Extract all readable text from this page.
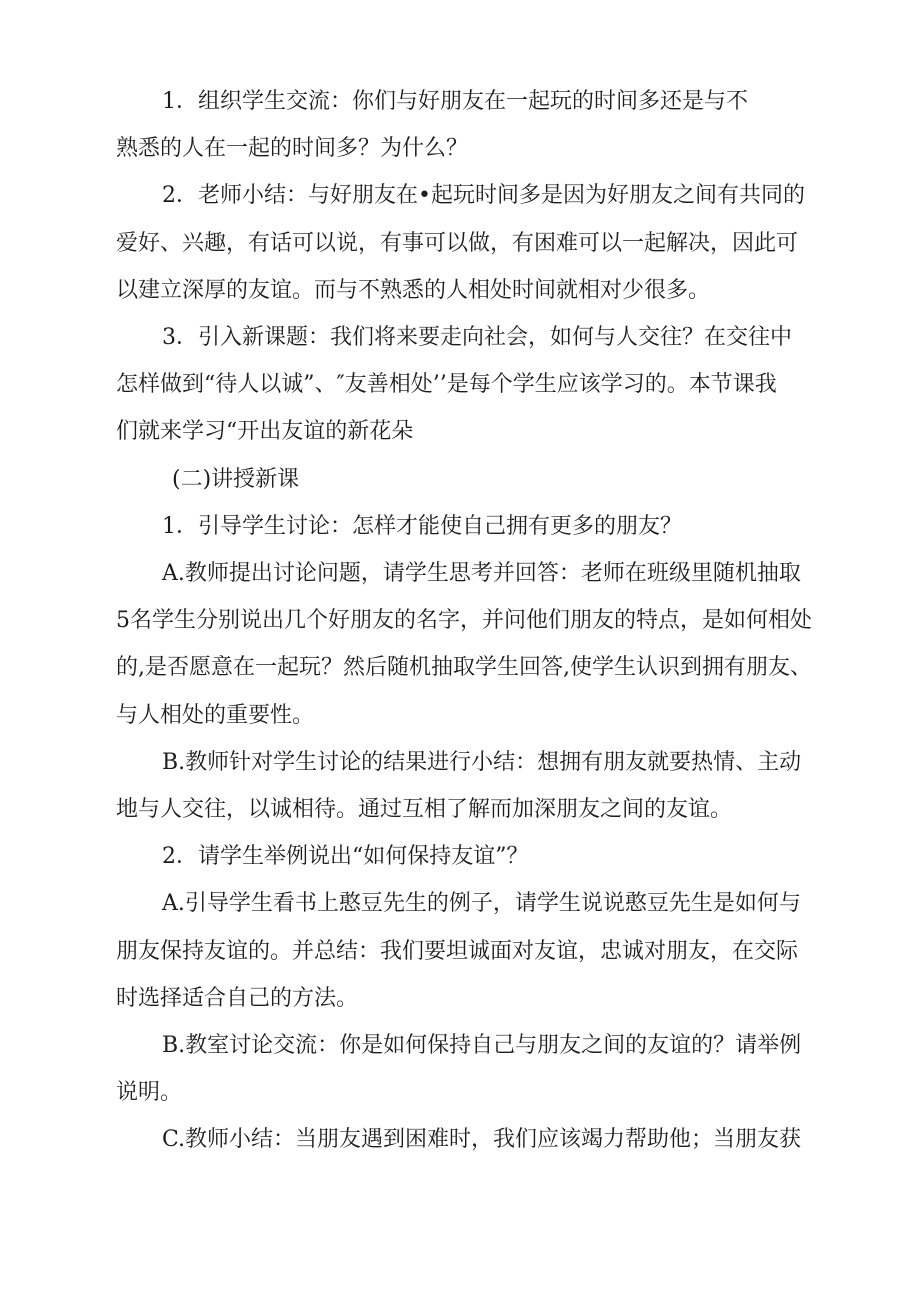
1．组织学生交流：你们与好朋友在一起玩的时间多还是与不
熟悉的人在一起的时间多？为什么？

2．老师小结：与好朋友在•起玩时间多是因为好朋友之间有共同的
爱好、兴趣，有话可以说，有事可以做，有困难可以一起解决，因此可
以建立深厚的友谊。而与不熟悉的人相处时间就相对少很多。

3．引入新课题：我们将来要走向社会，如何与人交往？在交往中
怎样做到“待人以诚”、″友善相处’’是每个学生应该学习的。本节课我
们就来学习“开出友谊的新花朵

(二)讲授新课

1．引导学生讨论：怎样才能使自己拥有更多的朋友？

A.教师提出讨论问题，请学生思考并回答：老师在班级里随机抽取
5名学生分别说出几个好朋友的名字，并问他们朋友的特点，是如何相处
的,是否愿意在一起玩？然后随机抽取学生回答,使学生认识到拥有朋友、
与人相处的重要性。

B.教师针对学生讨论的结果进行小结：想拥有朋友就要热情、主动
地与人交往，以诚相待。通过互相了解而加深朋友之间的友谊。

2．请学生举例说出“如何保持友谊”？

A.引导学生看书上憨豆先生的例子，请学生说说憨豆先生是如何与
朋友保持友谊的。并总结：我们要坦诚面对友谊，忠诚对朋友，在交际
时选择适合自己的方法。

B.教室讨论交流：你是如何保持自己与朋友之间的友谊的？请举例
说明。

C.教师小结：当朋友遇到困难时，我们应该竭力帮助他；当朋友获
